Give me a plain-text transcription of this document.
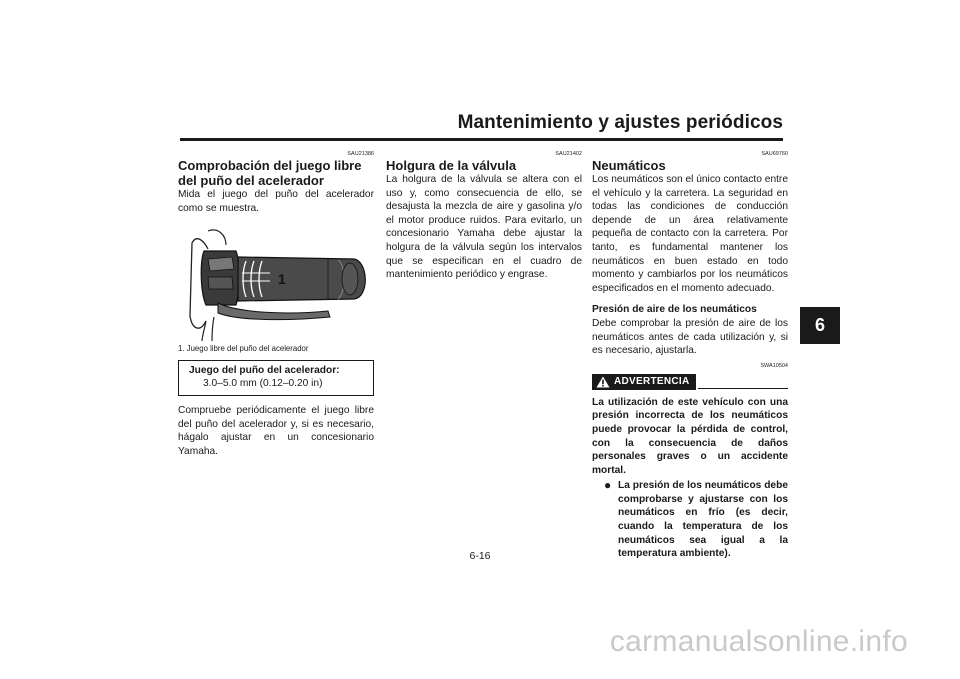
Mantenimiento y ajustes periódicos
6
SAU21386
Comprobación del juego libre del puño del acelerador

Mida el juego del puño del acelerador como se muestra.

1
1. Juego libre del puño del acelerador
Juego del puño del acelerador:
3.0–5.0 mm (0.12–0.20 in)

Compruebe periódicamente el juego libre del puño del acelerador y, si es necesario, hágalo ajustar en un concesionario Yamaha.

SAU21402
Holgura de la válvula

La holgura de la válvula se altera con el uso y, como consecuencia de ello, se desajusta la mezcla de aire y gasolina y/o el motor produce ruidos. Para evitarlo, un concesionario Yamaha debe ajustar la holgura de la válvula según los intervalos que se especifican en el cuadro de mantenimiento periódico y engrase.

SAU69760
Neumáticos

Los neumáticos son el único contacto entre el vehículo y la carretera. La seguridad en todas las condiciones de conducción depende de un área relativamente pequeña de contacto con la carretera. Por tanto, es fundamental mantener los neumáticos en buen estado en todo momento y cambiarlos por los neumáticos especificados en el momento adecuado.

Presión de aire de los neumáticos

Debe comprobar la presión de aire de los neumáticos antes de cada utilización y, si es necesario, ajustarla.

SWA10504
ADVERTENCIA
La utilización de este vehículo con una presión incorrecta de los neumáticos puede provocar la pérdida de control, con la consecuencia de daños personales graves o un accidente mortal.
● La presión de los neumáticos debe comprobarse y ajustarse con los neumáticos en frío (es decir, cuando la temperatura de los neumáticos sea igual a la temperatura ambiente).
6-16
carmanualsonline.info
